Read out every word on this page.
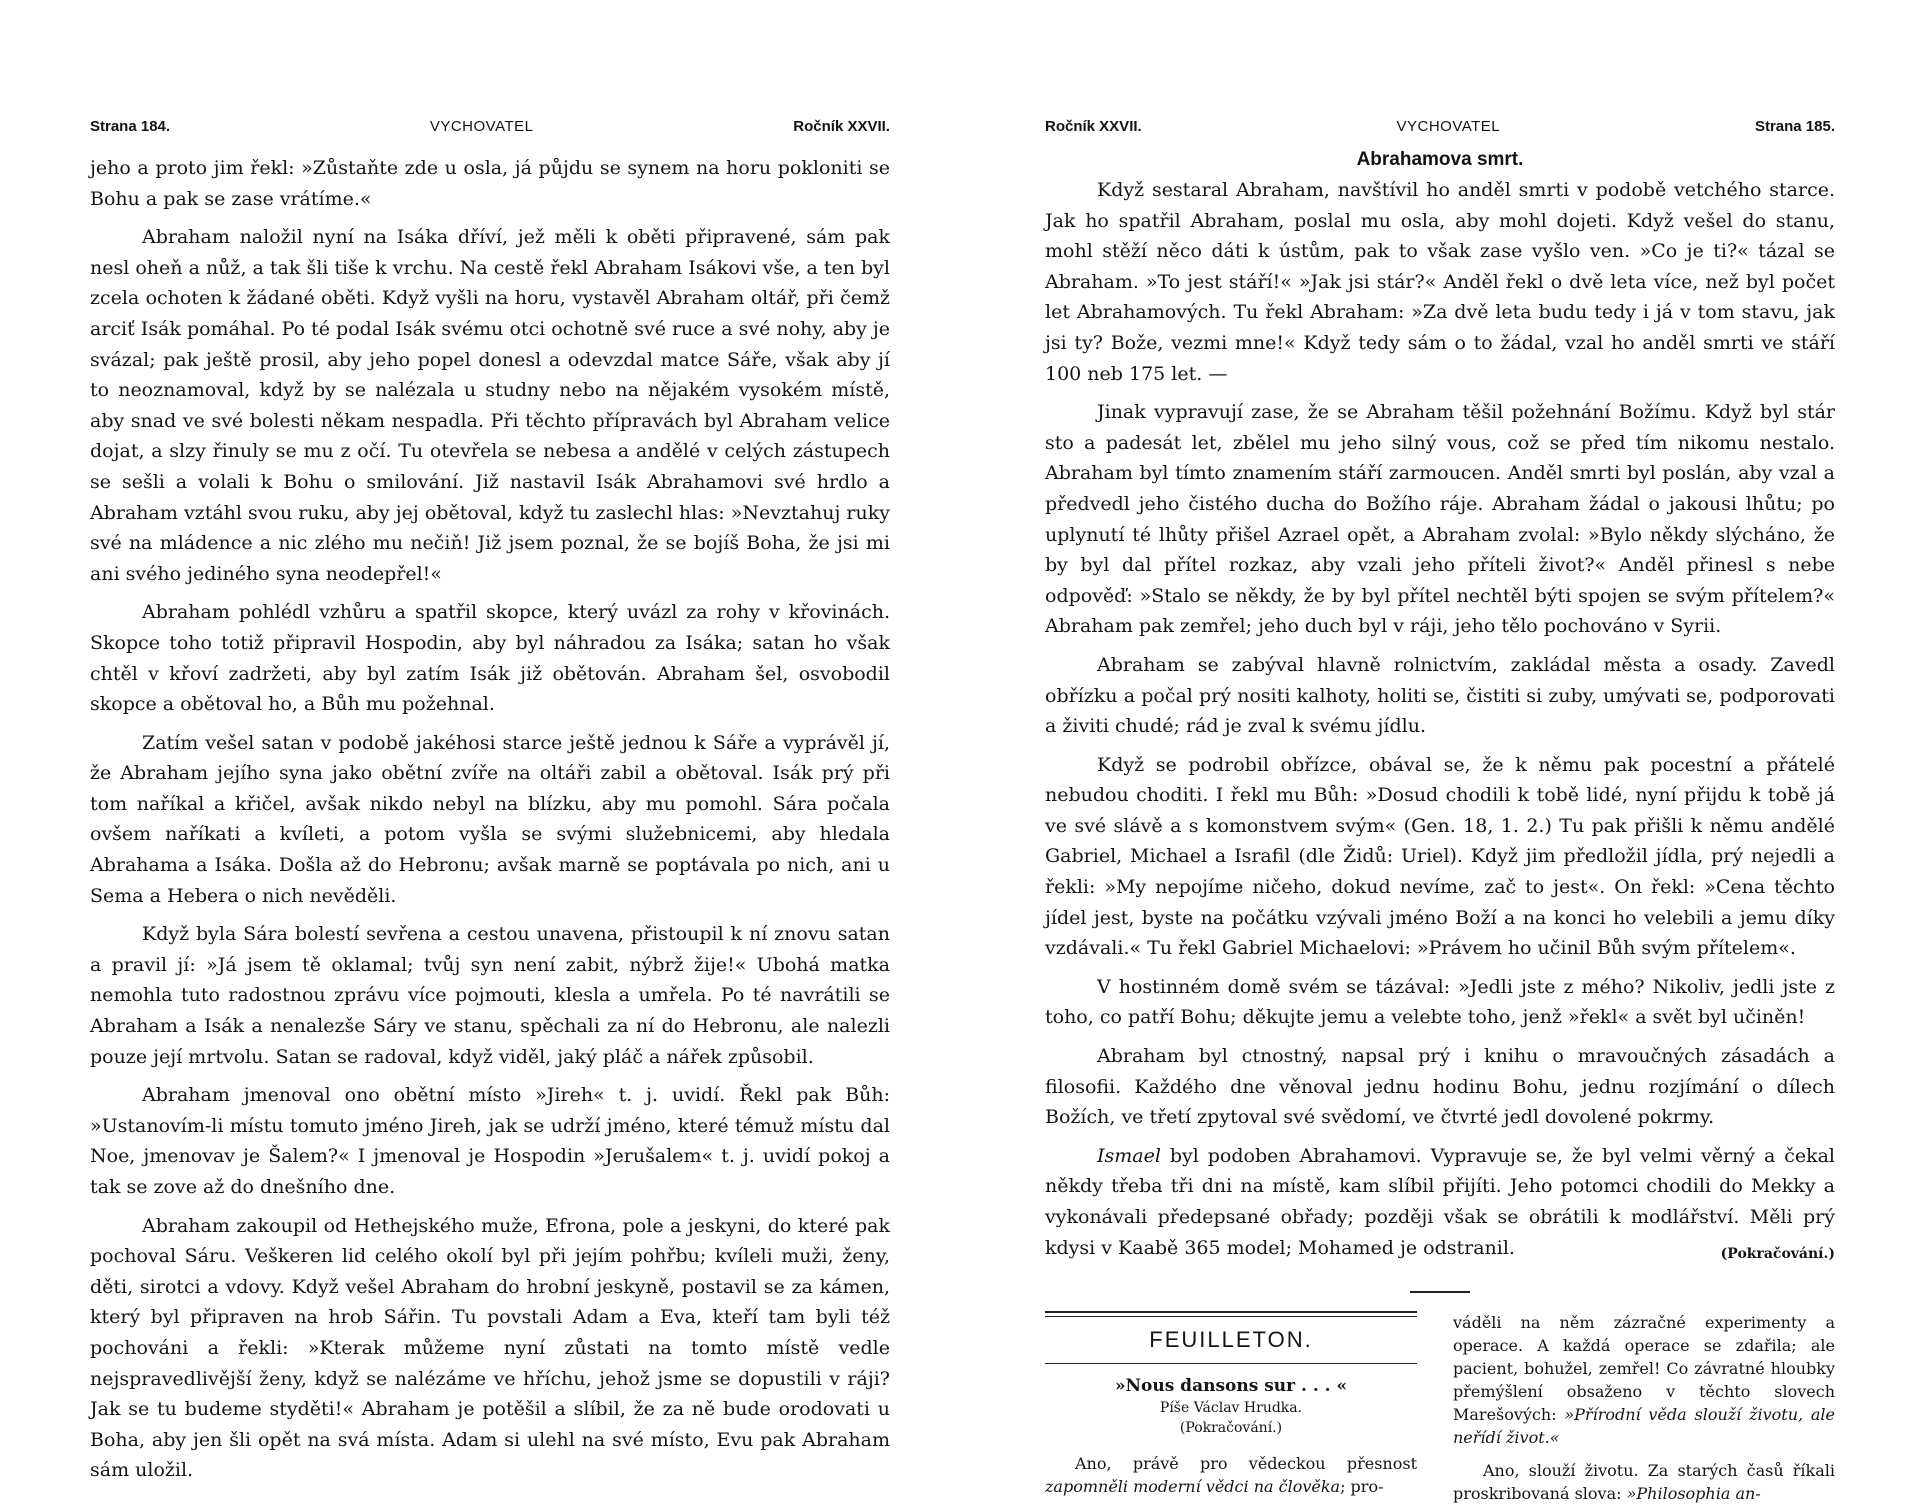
Strana 184.	VYCHOVATEL	Ročník XXVII.

jeho a proto jim řekl: »Zůstaňte zde u osla, já půjdu se synem na horu pokloniti se Bohu a pak se zase vrátíme.«

Abraham naložil nyní na Isáka dříví, jež měli k oběti připravené, sám pak nesl oheň a nůž, a tak šli tiše k vrchu. Na cestě řekl Abraham Isákovi vše, a ten byl zcela ochoten k žádané oběti. Když vyšli na horu, vystavěl Abraham oltář, při čemž arciť Isák pomáhal. Po té podal Isák svému otci ochotně své ruce a své nohy, aby je svázal; pak ještě prosil, aby jeho popel donesl a odevzdal matce Sáře, však aby jí to neoznamoval, když by se nalézala u studny nebo na nějakém vysokém místě, aby snad ve své bolesti někam nespadla. Při těchto přípravách byl Abraham velice dojat, a slzy řinuly se mu z očí. Tu otevřela se nebesa a andělé v celých zástupech se sešli a volali k Bohu o smilování. Již nastavil Isák Abrahamovi své hrdlo a Abraham vztáhl svou ruku, aby jej obětoval, když tu zaslechl hlas: »Nevztahuj ruky své na mládence a nic zlého mu nečiň! Již jsem poznal, že se bojíš Boha, že jsi mi ani svého jediného syna neodepřel!«

Abraham pohlédl vzhůru a spatřil skopce, který uvázl za rohy v křovinách. Skopce toho totiž připravil Hospodin, aby byl náhradou za Isáka; satan ho však chtěl v křoví zadržeti, aby byl zatím Isák již obětován. Abraham šel, osvobodil skopce a obětoval ho, a Bůh mu požehnal.

Zatím vešel satan v podobě jakéhosi starce ještě jednou k Sáře a vyprávěl jí, že Abraham jejího syna jako obětní zvíře na oltáři zabil a obětoval. Isák prý při tom naříkal a křičel, avšak nikdo nebyl na blízku, aby mu pomohl. Sára počala ovšem naříkati a kvíleti, a potom vyšla se svými služebnicemi, aby hledala Abrahama a Isáka. Došla až do Hebronu; avšak marně se poptávala po nich, ani u Sema a Hebera o nich nevěděli.

Když byla Sára bolestí sevřena a cestou unavena, přistoupil k ní znovu satan a pravil jí: »Já jsem tě oklamal; tvůj syn není zabit, nýbrž žije!« Ubohá matka nemohla tuto radostnou zprávu více pojmouti, klesla a umřela. Po té navrátili se Abraham a Isák a nenalezše Sáry ve stanu, spěchali za ní do Hebronu, ale nalezli pouze její mrtvolu. Satan se radoval, když viděl, jaký pláč a nářek způsobil.

Abraham jmenoval ono obětní místo »Jireh« t. j. uvidí. Řekl pak Bůh: »Ustanovím-li místu tomuto jméno Jireh, jak se udrží jméno, které témuž místu dal Noe, jmenovav je Šalem?« I jmenoval je Hospodin »Jerušalem« t. j. uvidí pokoj a tak se zove až do dnešního dne.

Abraham zakoupil od Hethejského muže, Efrona, pole a jeskyni, do které pak pochoval Sáru. Veškeren lid celého okolí byl při jejím pohřbu; kvíleli muži, ženy, děti, sirotci a vdovy. Když vešel Abraham do hrobní jeskyně, postavil se za kámen, který byl připraven na hrob Sářin. Tu povstali Adam a Eva, kteří tam byli též pochováni a řekli: »Kterak můžeme nyní zůstati na tomto místě vedle nejspravedlivější ženy, když se nalézáme ve hříchu, jehož jsme se dopustili v ráji? Jak se tu budeme styděti!« Abraham je potěšil a slíbil, že za ně bude orodovati u Boha, aby jen šli opět na svá místa. Adam si ulehl na své místo, Evu pak Abraham sám uložil.

Ročník XXVII.	VYCHOVATEL	Strana 185.
Abrahamova smrt.

Když sestaral Abraham, navštívil ho anděl smrti v podobě vetchého starce. Jak ho spatřil Abraham, poslal mu osla, aby mohl dojeti. Když vešel do stanu, mohl stěží něco dáti k ústům, pak to však zase vyšlo ven. »Co je ti?« tázal se Abraham. »To jest stáří!« »Jak jsi stár?« Anděl řekl o dvě leta více, než byl počet let Abrahamových. Tu řekl Abraham: »Za dvě leta budu tedy i já v tom stavu, jak jsi ty? Bože, vezmi mne!« Když tedy sám o to žádal, vzal ho anděl smrti ve stáří 100 neb 175 let. —

Jinak vypravují zase, že se Abraham těšil požehnání Božímu. Když byl stár sto a padesát let, zbělel mu jeho silný vous, což se před tím nikomu nestalo. Abraham byl tímto znamením stáří zarmoucen. Anděl smrti byl poslán, aby vzal a předvedl jeho čistého ducha do Božího ráje. Abraham žádal o jakousi lhůtu; po uplynutí té lhůty přišel Azrael opět, a Abraham zvolal: »Bylo někdy slýcháno, že by byl dal přítel rozkaz, aby vzali jeho příteli život?« Anděl přinesl s nebe odpověď: »Stalo se někdy, že by byl přítel nechtěl býti spojen se svým přítelem?« Abraham pak zemřel; jeho duch byl v ráji, jeho tělo pochováno v Syrii.

Abraham se zabýval hlavně rolnictvím, zakládal města a osady. Zavedl obřízku a počal prý nositi kalhoty, holiti se, čistiti si zuby, umývati se, podporovati a živiti chudé; rád je zval k svému jídlu.

Když se podrobil obřízce, obával se, že k němu pak pocestní a přátelé nebudou choditi. I řekl mu Bůh: »Dosud chodili k tobě lidé, nyní přijdu k tobě já ve své slávě a s komonstvem svým« (Gen. 18, 1. 2.) Tu pak přišli k němu andělé Gabriel, Michael a Israfil (dle Židů: Uriel). Když jim předložil jídla, prý nejedli a řekli: »My nepojíme ničeho, dokud nevíme, zač to jest«. On řekl: »Cena těchto jídel jest, byste na počátku vzývali jméno Boží a na konci ho velebili a jemu díky vzdávali.« Tu řekl Gabriel Michaelovi: »Právem ho učinil Bůh svým přítelem«.

V hostinném domě svém se tázával: »Jedli jste z mého? Nikoliv, jedli jste z toho, co patří Bohu; děkujte jemu a velebte toho, jenž »řekl« a svět byl učiněn!

Abraham byl ctnostný, napsal prý i knihu o mravoučných zásadách a filosofii. Každého dne věnoval jednu hodinu Bohu, jednu rozjímání o dílech Božích, ve třetí zpytoval své svědomí, ve čtvrté jedl dovolené pokrmy.

Ismael byl podoben Abrahamovi. Vypravuje se, že byl velmi věrný a čekal někdy třeba tři dni na místě, kam slíbil přijíti. Jeho potomci chodili do Mekky a vykonávali předepsané obřady; později však se obrátili k modlářství. Měli prý kdysi v Kaabě 365 model; Mohamed je odstranil.	(Pokračování.)

FEUILLETON.
»Nous dansons sur . . . «
Píše Václav Hrudka.
(Pokračování.)

Ano, právě pro vědeckou přesnost zapomněli moderní vědci na člověka; pro-

váděli na něm zázračné experimenty a operace. A každá operace se zdařila; ale pacient, bohužel, zemřel! Co závratné hloubky přemýšlení obsaženo v těchto slovech Marešových: »Přírodní věda slouží životu, ale neřídí život.«

Ano, slouží životu. Za starých časů říkali proskribovaná slova: »Philosophia an-
